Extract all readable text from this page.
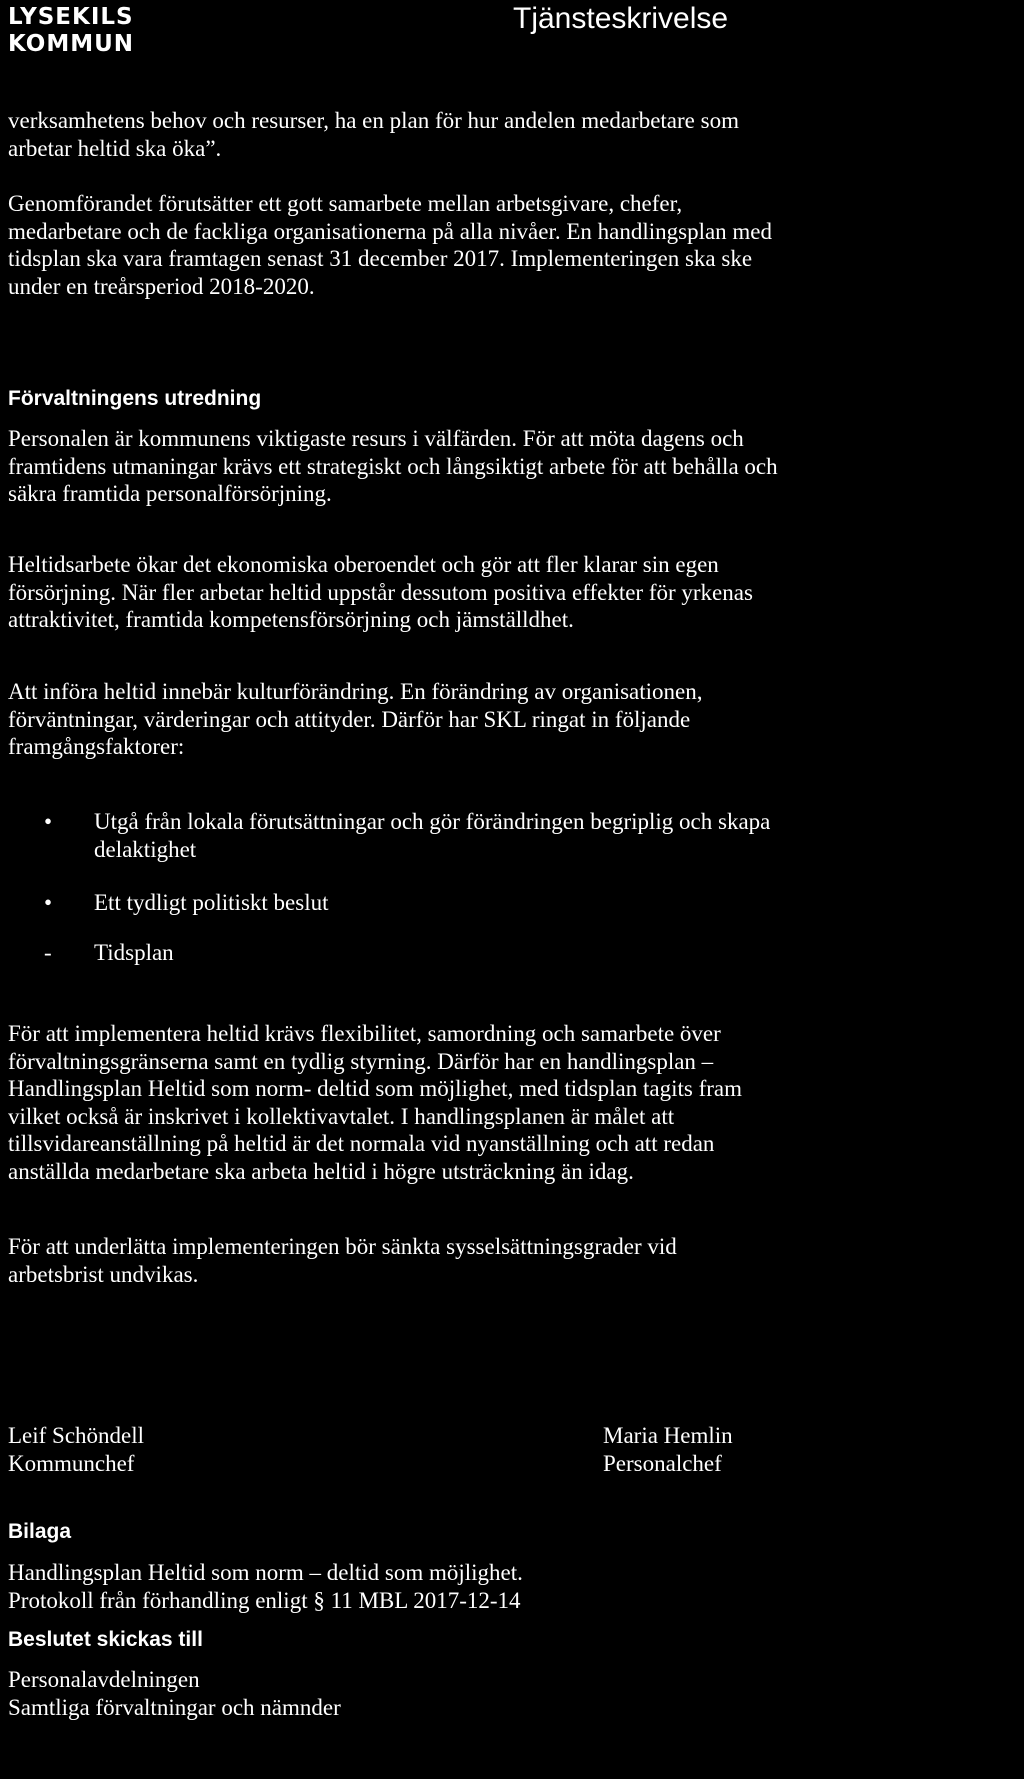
LYSEKILS
KOMMUN
Tjänsteskrivelse
verksamhetens behov och resurser, ha en plan för hur andelen medarbetare som
arbetar heltid ska öka”.
Genomförandet förutsätter ett gott samarbete mellan arbetsgivare, chefer,
medarbetare och de fackliga organisationerna på alla nivåer. En handlingsplan med
tidsplan ska vara framtagen senast 31 december 2017. Implementeringen ska ske
under en treårsperiod 2018-2020.
Förvaltningens utredning
Personalen är kommunens viktigaste resurs i välfärden. För att möta dagens och
framtidens utmaningar krävs ett strategiskt och långsiktigt arbete för att behålla och
säkra framtida personalförsörjning.
Heltidsarbete ökar det ekonomiska oberoendet och gör att fler klarar sin egen
försörjning. När fler arbetar heltid uppstår dessutom positiva effekter för yrkenas
attraktivitet, framtida kompetensförsörjning och jämställdhet.
Att införa heltid innebär kulturförändring. En förändring av organisationen,
förväntningar, värderingar och attityder. Därför har SKL ringat in följande
framgångsfaktorer:
• Utgå från lokala förutsättningar och gör förändringen begriplig och skapa
delaktighet
• Ett tydligt politiskt beslut
- Tidsplan
För att implementera heltid krävs flexibilitet, samordning och samarbete över
förvaltningsgränserna samt en tydlig styrning. Därför har en handlingsplan –
Handlingsplan Heltid som norm- deltid som möjlighet, med tidsplan tagits fram
vilket också är inskrivet i kollektivavtalet. I handlingsplanen är målet att
tillsvidareanställning på heltid är det normala vid nyanställning och att redan
anställda medarbetare ska arbeta heltid i högre utsträckning än idag.
För att underlätta implementeringen bör sänkta sysselsättningsgrader vid
arbetsbrist undvikas.
Leif Schöndell
Kommunchef
Maria Hemlin
Personalchef
Bilaga
Handlingsplan Heltid som norm – deltid som möjlighet.
Protokoll från förhandling enligt § 11 MBL 2017-12-14
Beslutet skickas till
Personalavdelningen
Samtliga förvaltningar och nämnder
